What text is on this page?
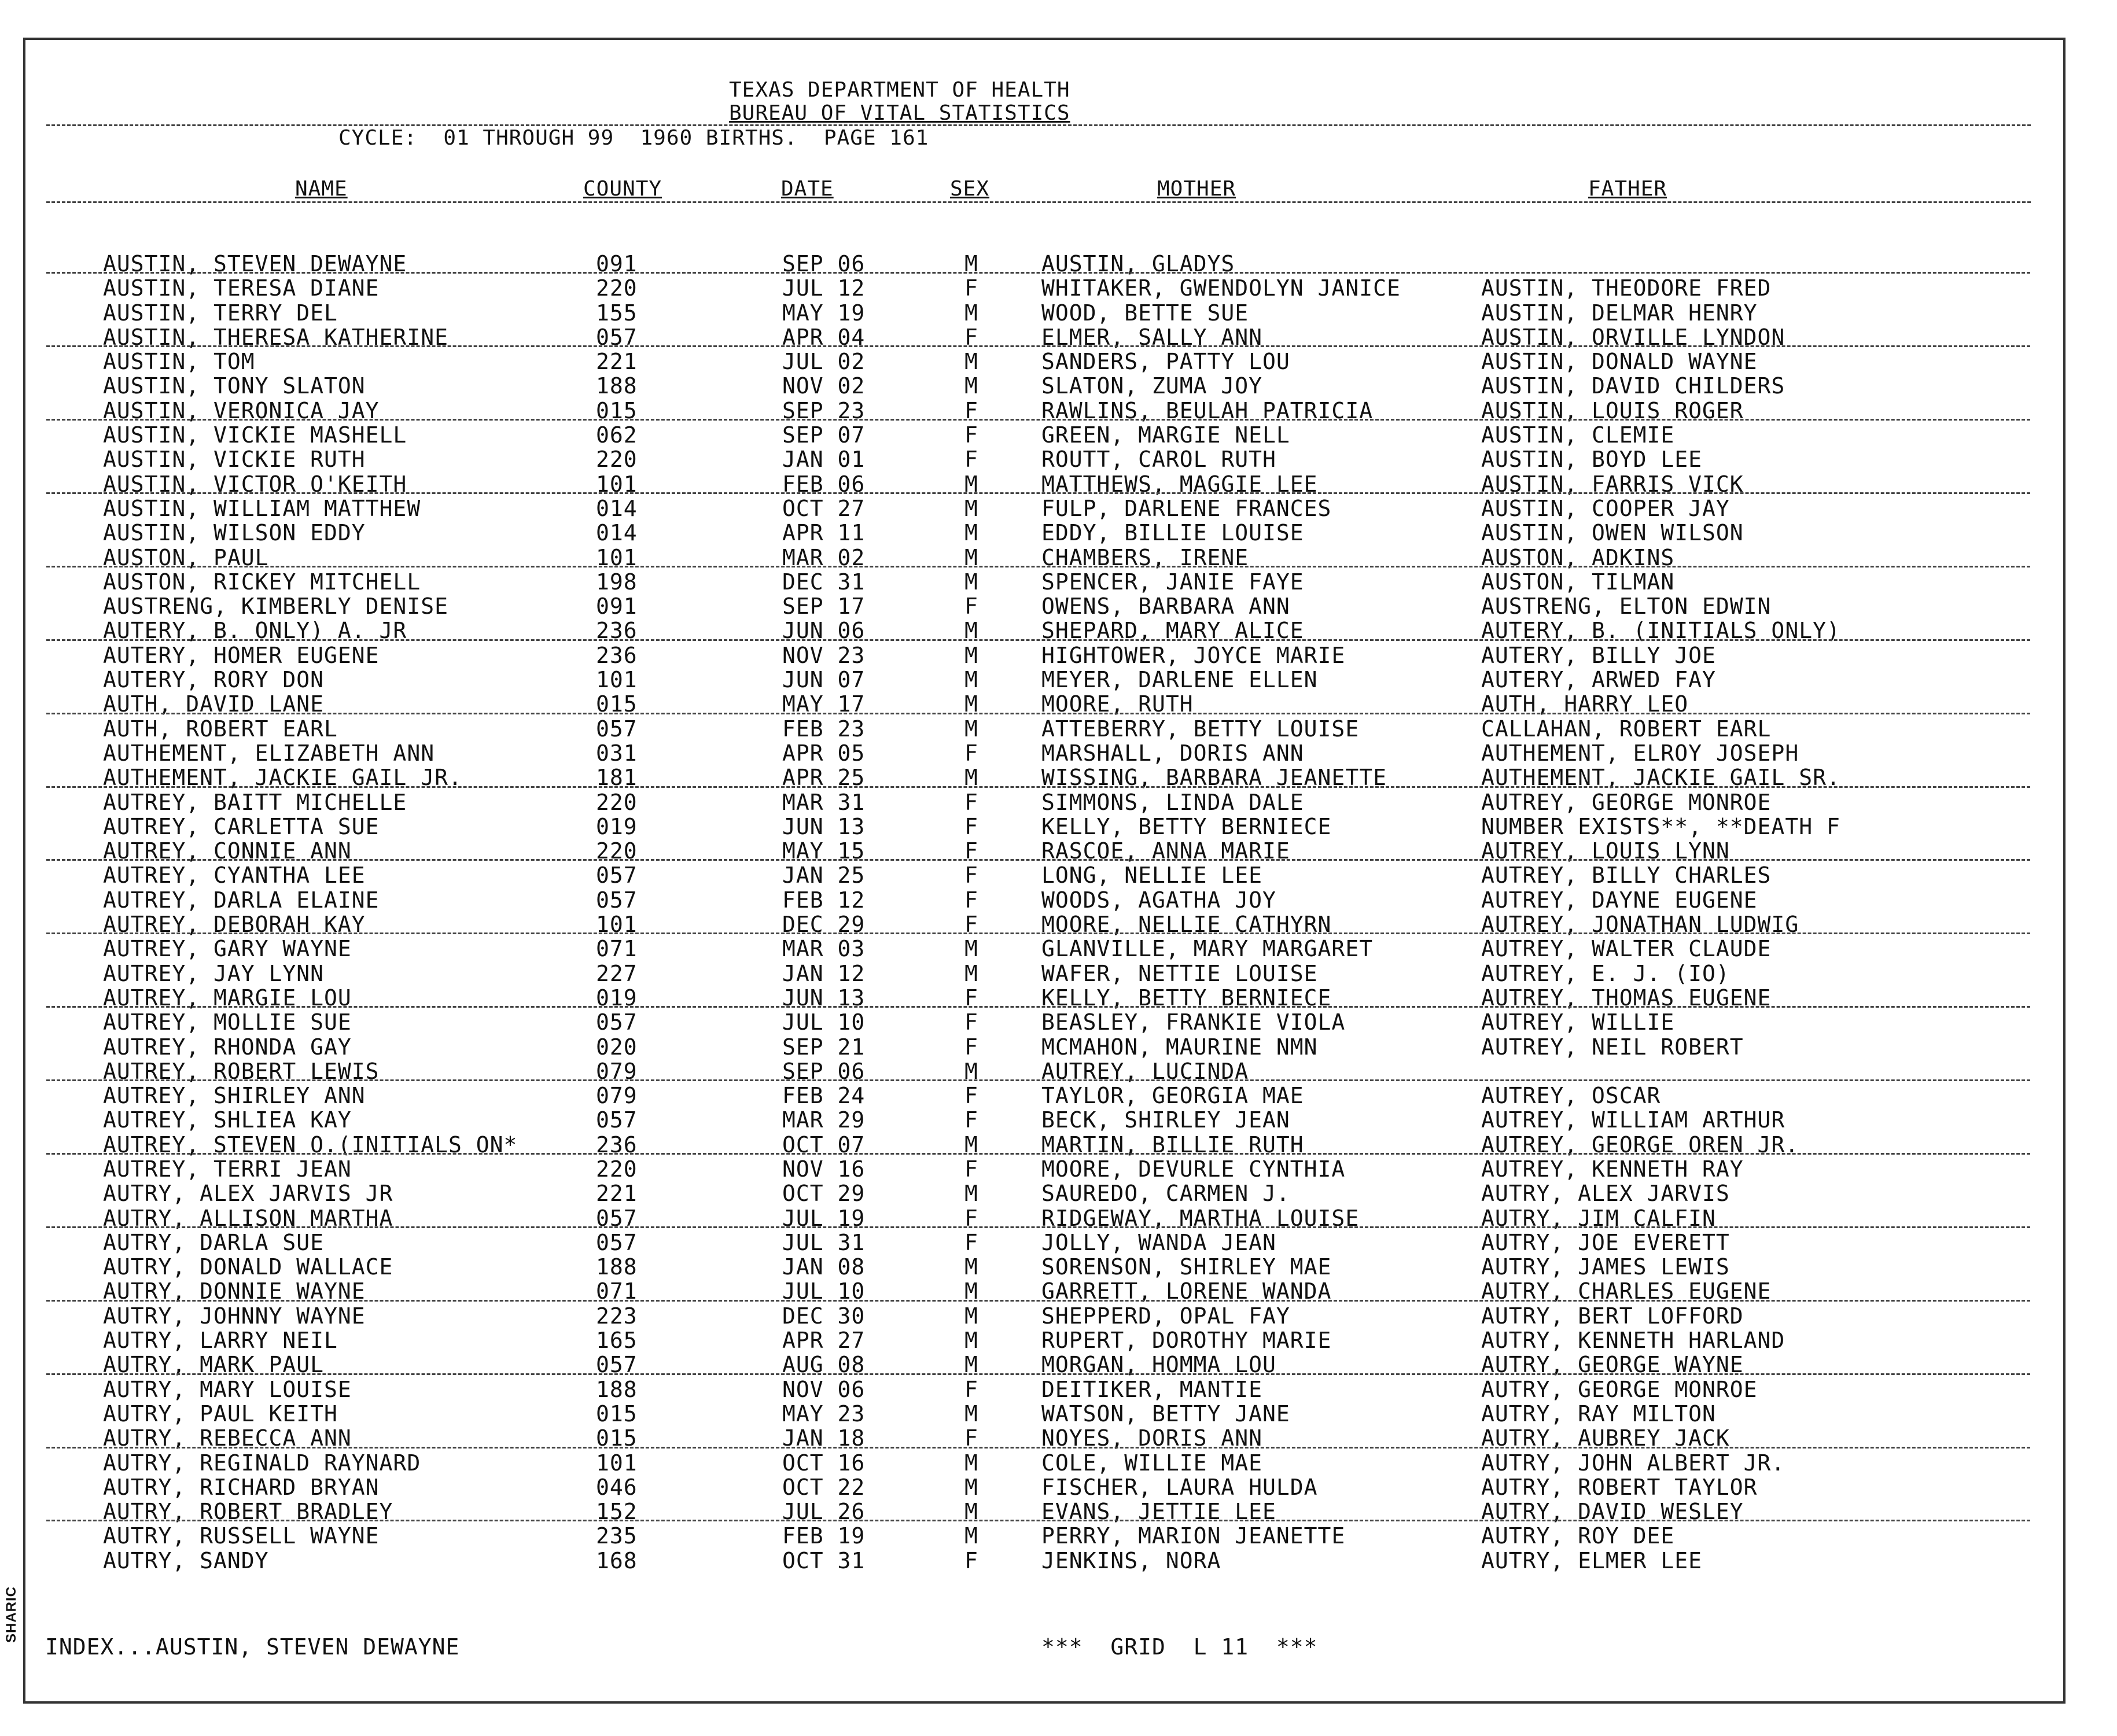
SHARIC
TEXAS DEPARTMENT OF HEALTH
BUREAU OF VITAL STATISTICS
CYCLE:  01 THROUGH 99  1960 BIRTHS.  PAGE 161
NAME	COUNTY	DATE	SEX	MOTHER	FATHER
AUSTIN, STEVEN DEWAYNE	091	SEP 06	M	AUSTIN, GLADYS
AUSTIN, TERESA DIANE	220	JUL 12	F	WHITAKER, GWENDOLYN JANICE	AUSTIN, THEODORE FRED
AUSTIN, TERRY DEL	155	MAY 19	M	WOOD, BETTE SUE	AUSTIN, DELMAR HENRY
AUSTIN, THERESA KATHERINE	057	APR 04	F	ELMER, SALLY ANN	AUSTIN, ORVILLE LYNDON
AUSTIN, TOM	221	JUL 02	M	SANDERS, PATTY LOU	AUSTIN, DONALD WAYNE
AUSTIN, TONY SLATON	188	NOV 02	M	SLATON, ZUMA JOY	AUSTIN, DAVID CHILDERS
AUSTIN, VERONICA JAY	015	SEP 23	F	RAWLINS, BEULAH PATRICIA	AUSTIN, LOUIS ROGER
AUSTIN, VICKIE MASHELL	062	SEP 07	F	GREEN, MARGIE NELL	AUSTIN, CLEMIE
AUSTIN, VICKIE RUTH	220	JAN 01	F	ROUTT, CAROL RUTH	AUSTIN, BOYD LEE
AUSTIN, VICTOR O'KEITH	101	FEB 06	M	MATTHEWS, MAGGIE LEE	AUSTIN, FARRIS VICK
AUSTIN, WILLIAM MATTHEW	014	OCT 27	M	FULP, DARLENE FRANCES	AUSTIN, COOPER JAY
AUSTIN, WILSON EDDY	014	APR 11	M	EDDY, BILLIE LOUISE	AUSTIN, OWEN WILSON
AUSTON, PAUL	101	MAR 02	M	CHAMBERS, IRENE	AUSTON, ADKINS
AUSTON, RICKEY MITCHELL	198	DEC 31	M	SPENCER, JANIE FAYE	AUSTON, TILMAN
AUSTRENG, KIMBERLY DENISE	091	SEP 17	F	OWENS, BARBARA ANN	AUSTRENG, ELTON EDWIN
AUTERY, B. ONLY) A. JR	236	JUN 06	M	SHEPARD, MARY ALICE	AUTERY, B. (INITIALS ONLY)
AUTERY, HOMER EUGENE	236	NOV 23	M	HIGHTOWER, JOYCE MARIE	AUTERY, BILLY JOE
AUTERY, RORY DON	101	JUN 07	M	MEYER, DARLENE ELLEN	AUTERY, ARWED FAY
AUTH, DAVID LANE	015	MAY 17	M	MOORE, RUTH	AUTH, HARRY LEO
AUTH, ROBERT EARL	057	FEB 23	M	ATTEBERRY, BETTY LOUISE	CALLAHAN, ROBERT EARL
AUTHEMENT, ELIZABETH ANN	031	APR 05	F	MARSHALL, DORIS ANN	AUTHEMENT, ELROY JOSEPH
AUTHEMENT, JACKIE GAIL JR.	181	APR 25	M	WISSING, BARBARA JEANETTE	AUTHEMENT, JACKIE GAIL SR.
AUTREY, BAITT MICHELLE	220	MAR 31	F	SIMMONS, LINDA DALE	AUTREY, GEORGE MONROE
AUTREY, CARLETTA SUE	019	JUN 13	F	KELLY, BETTY BERNIECE	NUMBER EXISTS**, **DEATH F
AUTREY, CONNIE ANN	220	MAY 15	F	RASCOE, ANNA MARIE	AUTREY, LOUIS LYNN
AUTREY, CYANTHA LEE	057	JAN 25	F	LONG, NELLIE LEE	AUTREY, BILLY CHARLES
AUTREY, DARLA ELAINE	057	FEB 12	F	WOODS, AGATHA JOY	AUTREY, DAYNE EUGENE
AUTREY, DEBORAH KAY	101	DEC 29	F	MOORE, NELLIE CATHYRN	AUTREY, JONATHAN LUDWIG
AUTREY, GARY WAYNE	071	MAR 03	M	GLANVILLE, MARY MARGARET	AUTREY, WALTER CLAUDE
AUTREY, JAY LYNN	227	JAN 12	M	WAFER, NETTIE LOUISE	AUTREY, E. J. (IO)
AUTREY, MARGIE LOU	019	JUN 13	F	KELLY, BETTY BERNIECE	AUTREY, THOMAS EUGENE
AUTREY, MOLLIE SUE	057	JUL 10	F	BEASLEY, FRANKIE VIOLA	AUTREY, WILLIE
AUTREY, RHONDA GAY	020	SEP 21	F	MCMAHON, MAURINE NMN	AUTREY, NEIL ROBERT
AUTREY, ROBERT LEWIS	079	SEP 06	M	AUTREY, LUCINDA
AUTREY, SHIRLEY ANN	079	FEB 24	F	TAYLOR, GEORGIA MAE	AUTREY, OSCAR
AUTREY, SHLIEA KAY	057	MAR 29	F	BECK, SHIRLEY JEAN	AUTREY, WILLIAM ARTHUR
AUTREY, STEVEN O.(INITIALS ON*	236	OCT 07	M	MARTIN, BILLIE RUTH	AUTREY, GEORGE OREN JR.
AUTREY, TERRI JEAN	220	NOV 16	F	MOORE, DEVURLE CYNTHIA	AUTREY, KENNETH RAY
AUTRY, ALEX JARVIS JR	221	OCT 29	M	SAUREDO, CARMEN J.	AUTRY, ALEX JARVIS
AUTRY, ALLISON MARTHA	057	JUL 19	F	RIDGEWAY, MARTHA LOUISE	AUTRY, JIM CALFIN
AUTRY, DARLA SUE	057	JUL 31	F	JOLLY, WANDA JEAN	AUTRY, JOE EVERETT
AUTRY, DONALD WALLACE	188	JAN 08	M	SORENSON, SHIRLEY MAE	AUTRY, JAMES LEWIS
AUTRY, DONNIE WAYNE	071	JUL 10	M	GARRETT, LORENE WANDA	AUTRY, CHARLES EUGENE
AUTRY, JOHNNY WAYNE	223	DEC 30	M	SHEPPERD, OPAL FAY	AUTRY, BERT LOFFORD
AUTRY, LARRY NEIL	165	APR 27	M	RUPERT, DOROTHY MARIE	AUTRY, KENNETH HARLAND
AUTRY, MARK PAUL	057	AUG 08	M	MORGAN, HOMMA LOU	AUTRY, GEORGE WAYNE
AUTRY, MARY LOUISE	188	NOV 06	F	DEITIKER, MANTIE	AUTRY, GEORGE MONROE
AUTRY, PAUL KEITH	015	MAY 23	M	WATSON, BETTY JANE	AUTRY, RAY MILTON
AUTRY, REBECCA ANN	015	JAN 18	F	NOYES, DORIS ANN	AUTRY, AUBREY JACK
AUTRY, REGINALD RAYNARD	101	OCT 16	M	COLE, WILLIE MAE	AUTRY, JOHN ALBERT JR.
AUTRY, RICHARD BRYAN	046	OCT 22	M	FISCHER, LAURA HULDA	AUTRY, ROBERT TAYLOR
AUTRY, ROBERT BRADLEY	152	JUL 26	M	EVANS, JETTIE LEE	AUTRY, DAVID WESLEY
AUTRY, RUSSELL WAYNE	235	FEB 19	M	PERRY, MARION JEANETTE	AUTRY, ROY DEE
AUTRY, SANDY	168	OCT 31	F	JENKINS, NORA	AUTRY, ELMER LEE
INDEX...AUSTIN, STEVEN DEWAYNE	***  GRID  L 11  ***
